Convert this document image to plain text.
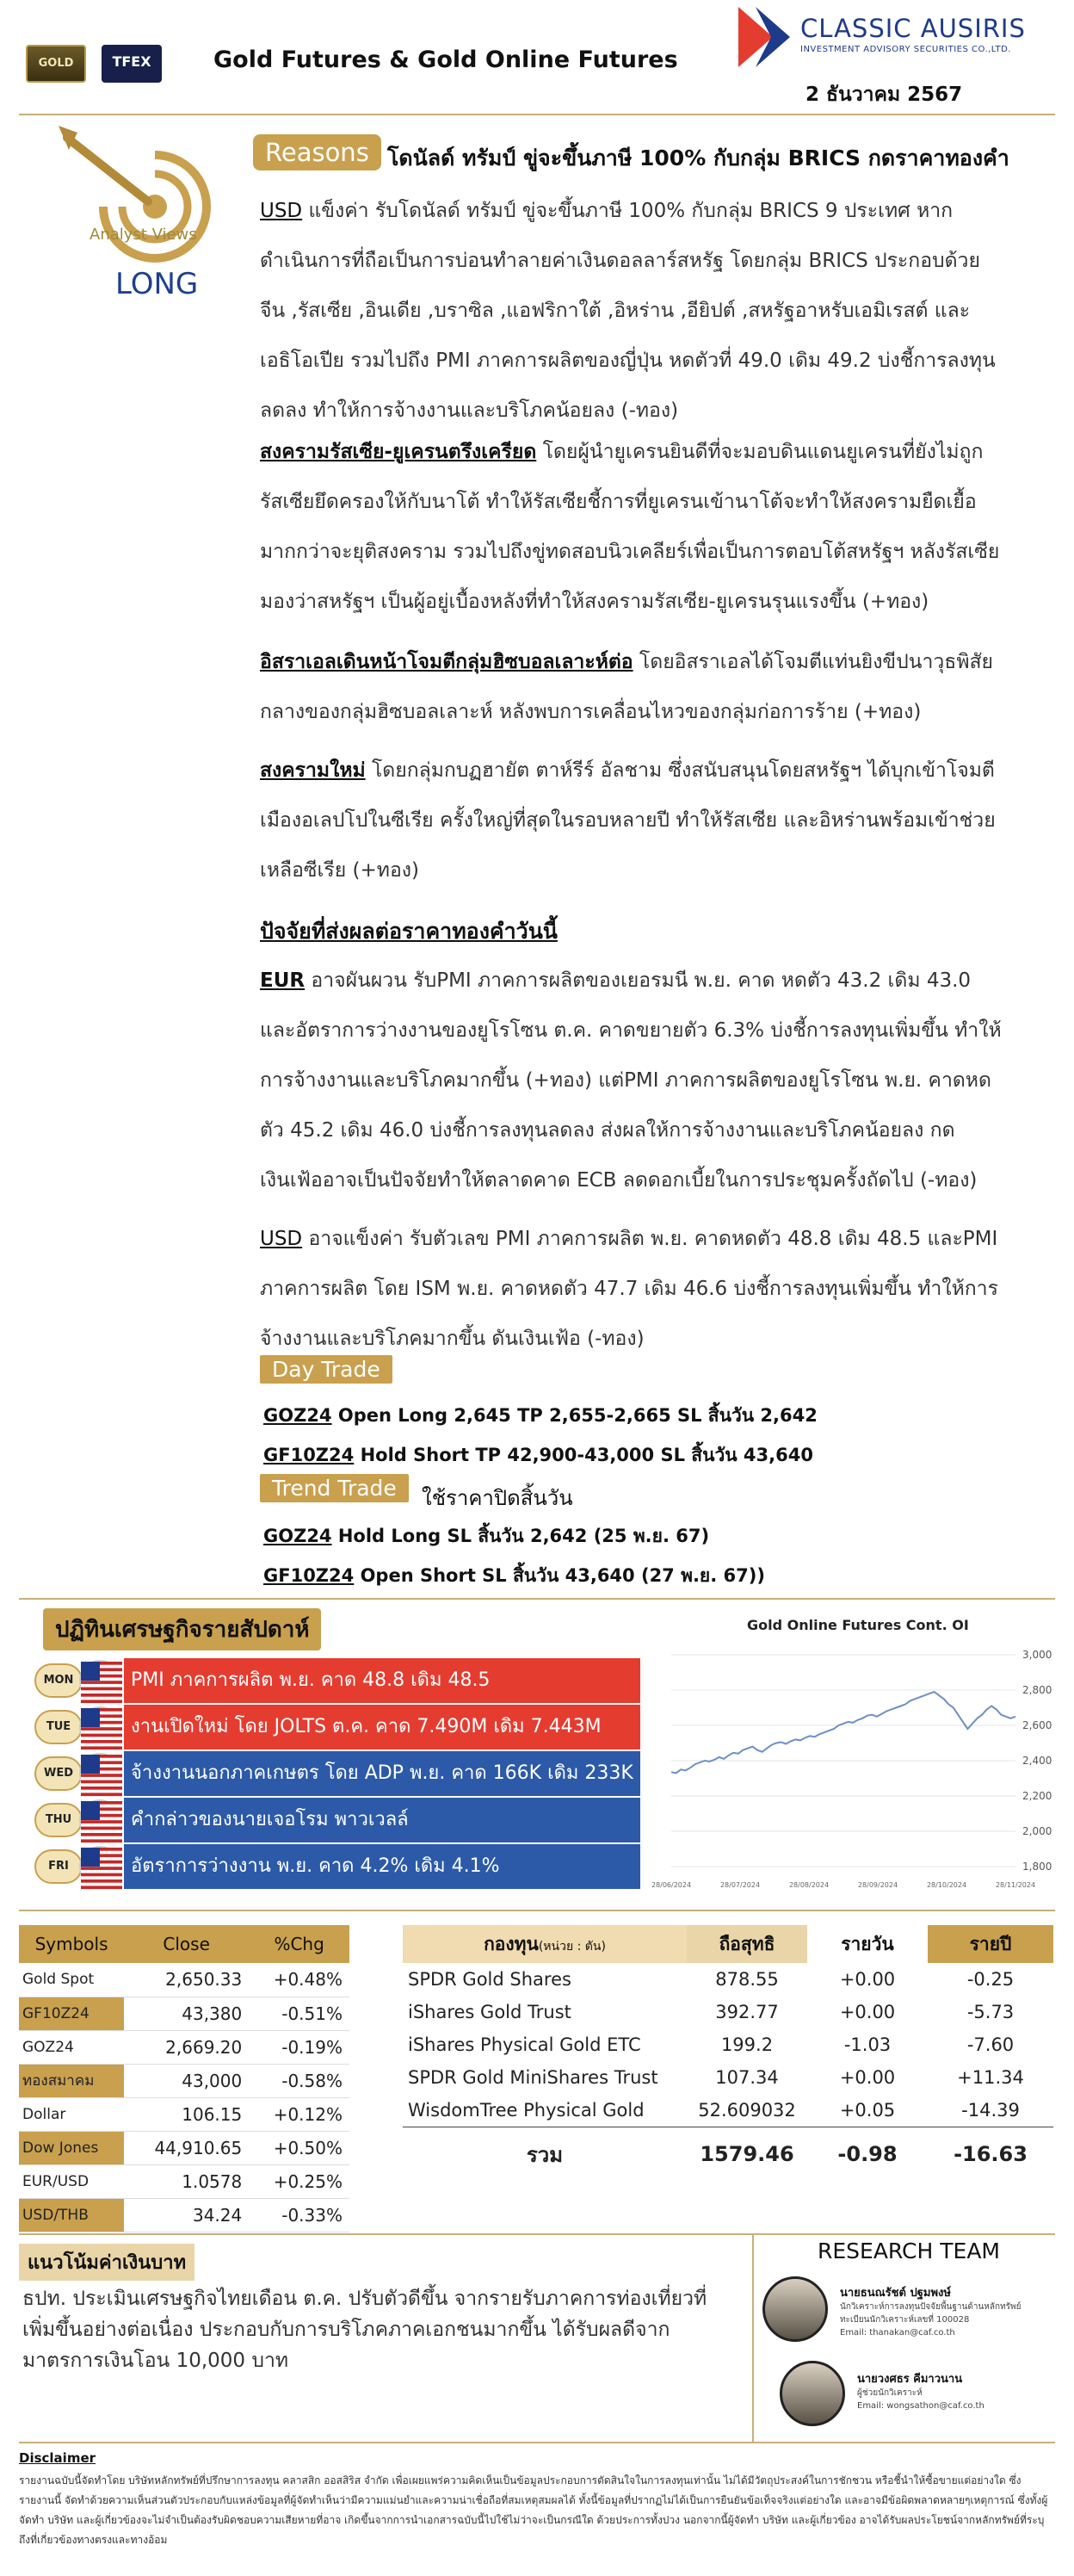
GOLD	TFEX	Gold Futures & Gold Online Futures
CLASSIC AUSIRIS
INVESTMENT ADVISORY SECURITIES CO.,LTD.
2 ธันวาคม 2567
Analyst Views
LONG
Reasons โดนัลด์ ทรัมป์ ขู่จะขึ้นภาษี 100% กับกลุ่ม BRICS กดราคาทองคำ
USD แข็งค่า รับโดนัลด์ ทรัมป์ ขู่จะขึ้นภาษี 100% กับกลุ่ม BRICS 9 ประเทศ หากดำเนินการที่ถือเป็นการบ่อนทำลายค่าเงินดอลลาร์สหรัฐ โดยกลุ่ม BRICS ประกอบด้วย จีน ,รัสเซีย ,อินเดีย ,บราซิล ,แอฟริกาใต้ ,อิหร่าน ,อียิปต์ ,สหรัฐอาหรับเอมิเรสต์ และเอธิโอเปีย รวมไปถึง PMI ภาคการผลิตของญี่ปุ่น หดตัวที่ 49.0 เดิม 49.2 บ่งชี้การลงทุนลดลง ทำให้การจ้างงานและบริโภคน้อยลง (-ทอง)
สงครามรัสเซีย-ยูเครนตรึงเครียด โดยผู้นำยูเครนยินดีที่จะมอบดินแดนยูเครนที่ยังไม่ถูกรัสเซียยึดครองให้กับนาโต้ ทำให้รัสเซียชี้การที่ยูเครนเข้านาโต้จะทำให้สงครามยืดเยื้อมากกว่าจะยุติสงคราม รวมไปถึงขู่ทดสอบนิวเคลียร์เพื่อเป็นการตอบโต้สหรัฐฯ หลังรัสเซียมองว่าสหรัฐฯ เป็นผู้อยู่เบื้องหลังที่ทำให้สงครามรัสเซีย-ยูเครนรุนแรงขึ้น (+ทอง)
อิสราเอลเดินหน้าโจมตีกลุ่มฮิซบอลเลาะห์ต่อ โดยอิสราเอลได้โจมตีแท่นยิงขีปนาวุธพิสัยกลางของกลุ่มฮิซบอลเลาะห์ หลังพบการเคลื่อนไหวของกลุ่มก่อการร้าย (+ทอง)
สงครามใหม่ โดยกลุ่มกบฏฮายัต ตาห์รีร์ อัลชาม ซึ่งสนับสนุนโดยสหรัฐฯ ได้บุกเข้าโจมตีเมืองอเลปโปในซีเรีย ครั้งใหญ่ที่สุดในรอบหลายปี ทำให้รัสเซีย และอิหร่านพร้อมเข้าช่วยเหลือซีเรีย (+ทอง)
ปัจจัยที่ส่งผลต่อราคาทองคำวันนี้
EUR อาจผันผวน รับPMI ภาคการผลิตของเยอรมนี พ.ย. คาด หดตัว 43.2 เดิม 43.0 และอัตราการว่างงานของยูโรโซน ต.ค. คาดขยายตัว 6.3% บ่งชี้การลงทุนเพิ่มขึ้น ทำให้การจ้างงานและบริโภคมากขึ้น (+ทอง) แต่PMI ภาคการผลิตของยูโรโซน พ.ย. คาดหดตัว 45.2 เดิม 46.0 บ่งชี้การลงทุนลดลง ส่งผลให้การจ้างงานและบริโภคน้อยลง กดเงินเฟ้ออาจเป็นปัจจัยทำให้ตลาดคาด ECB ลดดอกเบี้ยในการประชุมครั้งถัดไป (-ทอง)
USD อาจแข็งค่า รับตัวเลข PMI ภาคการผลิต พ.ย. คาดหดตัว 48.8 เดิม 48.5 และPMI ภาคการผลิต โดย ISM พ.ย. คาดหดตัว 47.7 เดิม 46.6 บ่งชี้การลงทุนเพิ่มขึ้น ทำให้การจ้างงานและบริโภคมากขึ้น ดันเงินเฟ้อ (-ทอง)
Day Trade
GOZ24 Open Long 2,645 TP 2,655-2,665 SL สิ้นวัน 2,642
GF10Z24 Hold Short TP 42,900-43,000 SL สิ้นวัน 43,640
Trend Trade	ใช้ราคาปิดสิ้นวัน
GOZ24 Hold Long SL สิ้นวัน 2,642 (25 พ.ย. 67)
GF10Z24 Open Short SL สิ้นวัน 43,640 (27 พ.ย. 67))
ปฏิทินเศรษฐกิจรายสัปดาห์
MON	PMI ภาคการผลิต พ.ย. คาด 48.8 เดิม 48.5
TUE	งานเปิดใหม่ โดย JOLTS ต.ค. คาด 7.490M เดิม 7.443M
WED	จ้างงานนอกภาคเกษตร โดย ADP พ.ย. คาด 166K เดิม 233K
THU	คำกล่าวของนายเจอโรม พาวเวลล์
FRI	อัตราการว่างงาน พ.ย. คาด 4.2% เดิม 4.1%
Gold Online Futures Cont. OI
3,000
2,800
2,600
2,400
2,200
2,000
1,800
28/06/2024	28/07/2024	28/08/2024	28/09/2024	28/10/2024	28/11/2024
Symbols	Close	%Chg
Gold Spot	2,650.33	+0.48%
GF10Z24	43,380	-0.51%
GOZ24	2,669.20	-0.19%
ทองสมาคม	43,000	-0.58%
Dollar	106.15	+0.12%
Dow Jones	44,910.65	+0.50%
EUR/USD	1.0578	+0.25%
USD/THB	34.24	-0.33%
กองทุน(หน่วย : ตัน)	ถือสุทธิ	รายวัน	รายปี
SPDR Gold Shares	878.55	+0.00	-0.25
iShares Gold Trust	392.77	+0.00	-5.73
iShares Physical Gold ETC	199.2	-1.03	-7.60
SPDR Gold MiniShares Trust	107.34	+0.00	+11.34
WisdomTree Physical Gold	52.609032	+0.05	-14.39
รวม	1579.46	-0.98	-16.63
แนวโน้มค่าเงินบาท
ธปท. ประเมินเศรษฐกิจไทยเดือน ต.ค. ปรับตัวดีขึ้น จากรายรับภาคการท่องเที่ยวที่เพิ่มขึ้นอย่างต่อเนื่อง ประกอบกับการบริโภคภาคเอกชนมากขึ้น ได้รับผลดีจากมาตรการเงินโอน 10,000 บาท
RESEARCH TEAM
นายธนณรัชต์ ปฐมพงษ์
นักวิเคราะห์การลงทุนปัจจัยพื้นฐานด้านหลักทรัพย์
ทะเบียนนักวิเคราะห์เลขที่ 100028
Email: thanakan@caf.co.th
นายวงศธร คีมาวนาน
ผู้ช่วยนักวิเคราะห์
Email: wongsathon@caf.co.th
Disclaimer
รายงานฉบับนี้จัดทำโดย บริษัทหลักทรัพย์ที่ปรึกษาการลงทุน คลาสสิก ออสสิริส จำกัด เพื่อเผยแพร่ความคิดเห็นเป็นข้อมูลประกอบการตัดสินใจในการลงทุนเท่านั้น ไม่ได้มีวัตถุประสงค์ในการชักชวน หรือชี้นำให้ซื้อขายแต่อย่างใด ซึ่งรายงานนี้ จัดทำด้วยความเห็นส่วนตัวประกอบกับแหล่งข้อมูลที่ผู้จัดทำเห็นว่ามีความแม่นยำและความน่าเชื่อถือที่สมเหตุสมผลได้ ทั้งนี้ข้อมูลที่ปรากฏไม่ได้เป็นการยืนยันข้อเท็จจริงแต่อย่างใด และอาจมีข้อผิดพลาดหลายๆเหตุการณ์ ซึ่งทั้งผู้จัดทำ บริษัท และผู้เกี่ยวข้องจะไม่จำเป็นต้องรับผิดชอบความเสียหายที่อาจ เกิดขึ้นจากการนำเอกสารฉบับนี้ไปใช้ไม่ว่าจะเป็นกรณีใด ด้วยประการทั้งปวง นอกจากนี้ผู้จัดทำ บริษัท และผู้เกี่ยวข้อง อาจได้รับผลประโยชน์จากหลักทรัพย์ที่ระบุถึงที่เกี่ยวข้องทางตรงและทางอ้อม
